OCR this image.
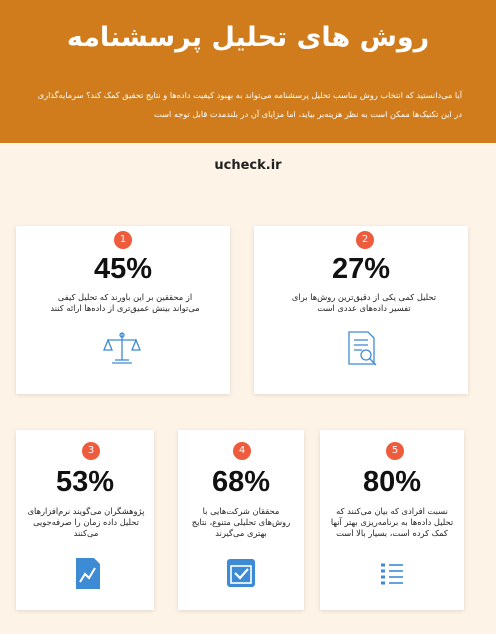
روش های تحلیل پرسشنامه
آیا می‌دانستید که انتخاب روش مناسب تحلیل پرسشنامه می‌تواند به بهبود کیفیت داده‌ها و نتایج تحقیق کمک کند؟ سرمایه‌گذاری در این تکنیک‌ها ممکن است به نظر هزینه‌بر بیاید، اما مزایای آن در بلندمدت قابل توجه است
ucheck.ir
1
45%
از محققین بر این باورند که تحلیل کیفی می‌تواند بینش عمیق‌تری از داده‌ها ارائه کنند
2
27%
تحلیل کمی یکی از دقیق‌ترین روش‌ها برای تفسیر داده‌های عددی است
3
53%
پژوهشگران می‌گویند نرم‌افزارهای تحلیل داده زمان را صرفه‌جویی می‌کنند
4
68%
محققان شرکت‌هایی با روش‌های تحلیلی متنوع، نتایج بهتری می‌گیرند
5
80%
نسبت افرادی که بیان می‌کنند که تحلیل داده‌ها به برنامه‌ریزی بهتر آنها کمک کرده است، بسیار بالا است
